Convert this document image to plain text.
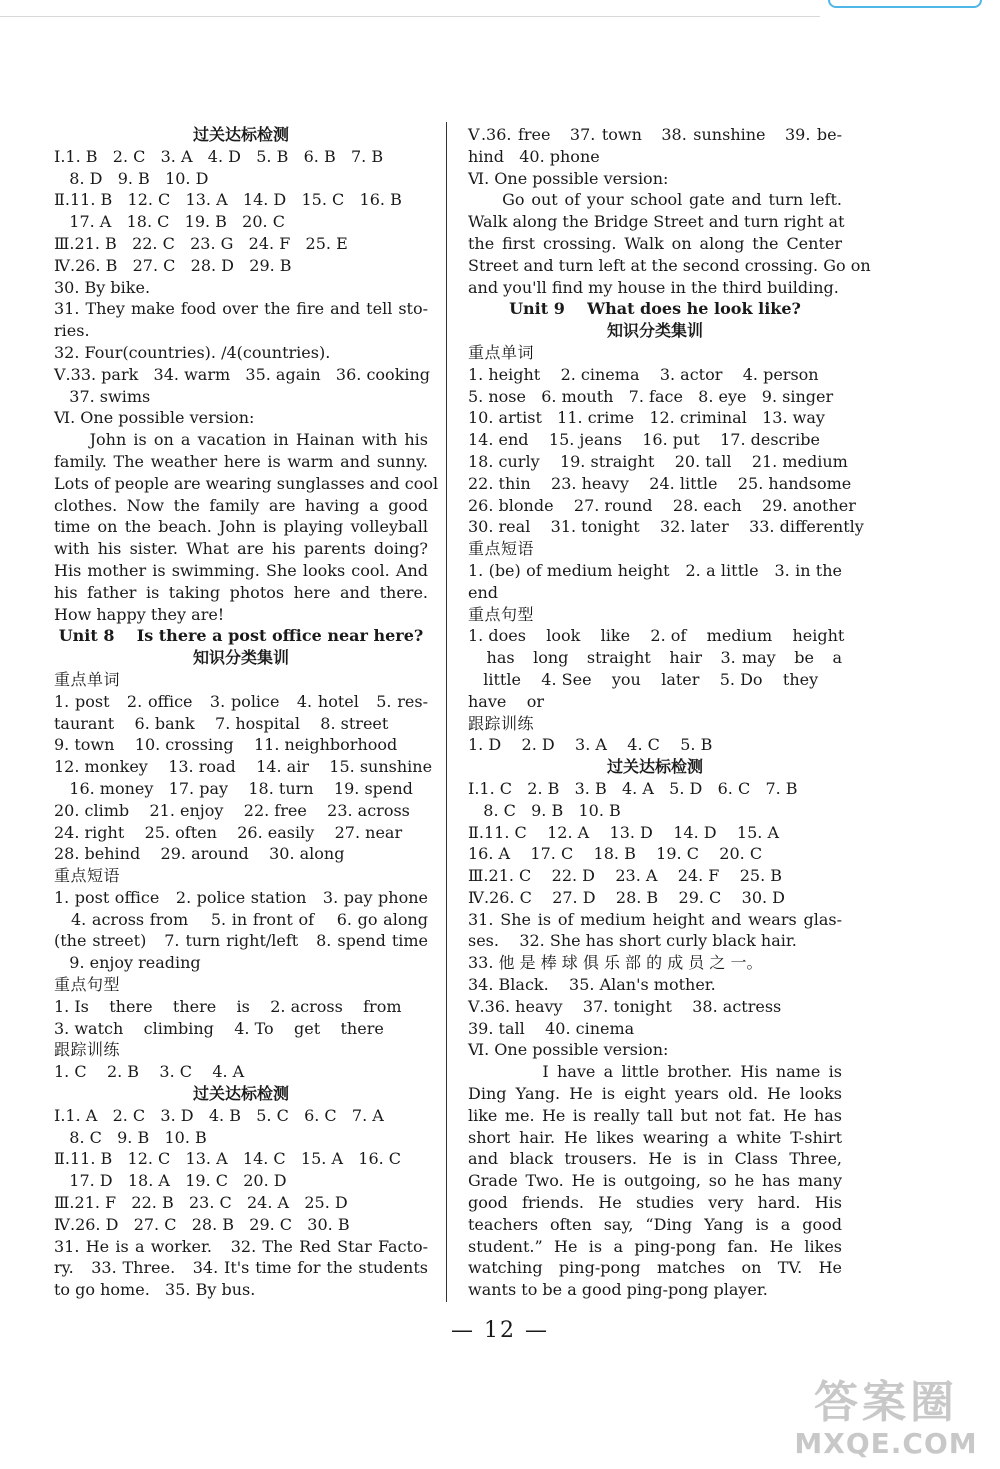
过关达标检测
Ⅰ.1. B   2. C   3. A   4. D   5. B   6. B   7. B
8. D   9. B   10. D
Ⅱ.11. B   12. C   13. A   14. D   15. C   16. B
17. A   18. C   19. B   20. C
Ⅲ.21. B   22. C   23. G   24. F   25. E
Ⅳ.26. B   27. C   28. D   29. B
30. By bike.
31. They make food over the fire and tell sto-
ries.
32. Four(countries). /4(countries).
Ⅴ.33. park   34. warm   35. again   36. cooking
37. swims
Ⅵ. One possible version:
John is on a vacation in Hainan with his
family. The weather here is warm and sunny.
Lots of people are wearing sunglasses and cool
clothes. Now the family are having a good
time on the beach. John is playing volleyball
with his sister. What are his parents doing?
His mother is swimming. She looks cool. And
his father is taking photos here and there.
How happy they are!
Unit 8    Is there a post office near here?
知识分类集训
重点单词
1. post   2. office   3. police   4. hotel   5. res-
taurant    6. bank    7. hospital    8. street
9. town    10. crossing    11. neighborhood
12. monkey    13. road    14. air    15. sunshine
16. money   17. pay    18. turn    19. spend
20. climb    21. enjoy    22. free    23. across
24. right    25. often    26. easily    27. near
28. behind    29. around    30. along
重点短语
1. post office   2. police station   3. pay phone
4. across from    5. in front of    6. go along
(the street)   7. turn right/left   8. spend time
9. enjoy reading
重点句型
1. Is    there    there    is    2. across    from
3. watch    climbing    4. To    get    there
跟踪训练
1. C    2. B    3. C    4. A
过关达标检测
Ⅰ.1. A   2. C   3. D   4. B   5. C   6. C   7. A
8. C   9. B   10. B
Ⅱ.11. B   12. C   13. A   14. C   15. A   16. C
17. D   18. A   19. C   20. D
Ⅲ.21. F   22. B   23. C   24. A   25. D
Ⅳ.26. D   27. C   28. B   29. C   30. B
31. He is a worker.   32. The Red Star Facto-
ry.   33. Three.   34. It's time for the students
to go home.   35. By bus.
Ⅴ.36. free   37. town   38. sunshine   39. be-
hind   40. phone
Ⅵ. One possible version:
Go out of your school gate and turn left.
Walk along the Bridge Street and turn right at
the first crossing. Walk on along the Center
Street and turn left at the second crossing. Go on
and you'll find my house in the third building.
Unit 9    What does he look like?
知识分类集训
重点单词
1. height    2. cinema    3. actor    4. person
5. nose   6. mouth   7. face   8. eye   9. singer
10. artist   11. crime   12. criminal   13. way
14. end    15. jeans    16. put    17. describe
18. curly    19. straight    20. tall    21. medium
22. thin    23. heavy    24. little    25. handsome
26. blonde    27. round    28. each    29. another
30. real    31. tonight    32. later    33. differently
重点短语
1. (be) of medium height   2. a little   3. in the
end
重点句型
1. does    look    like    2. of    medium    height
has   long   straight   hair   3. may   be   a
little    4. See    you    later    5. Do    they
have    or
跟踪训练
1. D    2. D    3. A    4. C    5. B
过关达标检测
Ⅰ.1. C   2. B   3. B   4. A   5. D   6. C   7. B
8. C   9. B   10. B
Ⅱ.11. C    12. A    13. D    14. D    15. A
16. A    17. C    18. B    19. C    20. C
Ⅲ.21. C    22. D    23. A    24. F    25. B
Ⅳ.26. C    27. D    28. B    29. C    30. D
31. She is of medium height and wears glas-
ses.    32. She has short curly black hair.
33. 他 是 棒 球 俱 乐 部 的 成 员 之 一。
34. Black.    35. Alan's mother.
Ⅴ.36. heavy    37. tonight    38. actress
39. tall    40. cinema
Ⅵ. One possible version:
I have a little brother. His name is
Ding Yang. He is eight years old. He looks
like me. He is really tall but not fat. He has
short hair. He likes wearing a white T-shirt
and black trousers. He is in Class Three,
Grade Two. He is outgoing, so he has many
good friends. He studies very hard. His
teachers often say, “Ding Yang is a good
student.” He is a ping-pong fan. He likes
watching ping-pong matches on TV. He
wants to be a good ping-pong player.
— 12 —
答案圈
MXQE.COM
